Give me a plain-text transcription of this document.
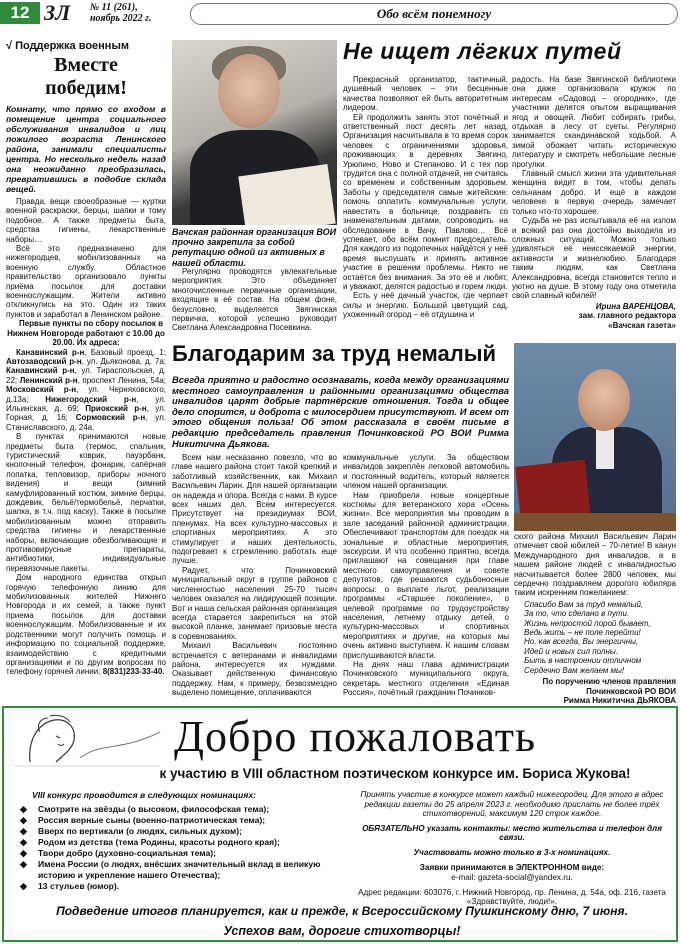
12 ЗЛ № 11 (261),
ноябрь 2022 г.	Обо всём понемногу
√ Поддержка военным
Вместе
победим!

Комнату, что прямо со входом в помещение центра социального обслуживания инвалидов и лиц пожилого возраста Ленинского района, занимали специалисты центра. Но несколько недель назад она неожиданно преобразилась, превратившись в подобие склада вещей.

Правда, вещи своеобразные — куртки военной раскраски, берцы, шапки и тому подобное. А также предметы быта, средства гигиены, лекарственные наборы…

Всё это предназначено для нижегородцев, мобилизованных на военную службу. Областное правительство организовало пункты приёма посылок для доставки военнослужащим. Жители активно откликнулись на это. Один из таких пунктов и заработал в Ленинском районе.

Первые пункты по сбору посылок в Нижнем Новгороде работают с 10.00 до 20.00. Их адреса:

Канавинский р-н, Базовый проезд, 1; Автозаводский р-н, ул. Дьяконова, д. 7а; Канавинский р-н, ул. Тираспольская, д. 22; Ленинский р-н, проспект Ленина, 54а; Московский р-н, ул. Черняховского, д.13а; Нижегородский р-н, ул. Ильинская, д. 69; Приокский р-н, ул. Горная, д. 16; Сормовский р-н, ул. Станиславского, д. 24а.

В пунктах принимаются новые предметы быта (термос, спальник, туристический коврик, пауэрбанк, кнопочный телефон, фонарик, сапёрная лопатка, тепловизор, приборы ночного видения) и вещи (зимний камуфлированный костюм, зимние берцы, дождевик, бельё/термобельё, перчатки, шапка, в т.ч. под каску). Также в посылке мобилизованным можно отправить средства гигиены и лекарственные наборы, включающие обезболивающие и противовирусные препараты, антибиотики, индивидуальные перевязочные пакеты.

Дом народного единства открыл горячую телефонную линию для мобилизованных жителей Нижнего Новгорода и их семей, а также пункт приема посылок для доставки военнослужащим. Мобилизованные и их родственники могут получить помощь и информацию по социальной поддержке, взаимодействию с кредитными организациями и по другим вопросам по телефону горячей линии: 8(831)233-33-40.

Вачская районная организация ВОИ прочно закрепила за собой репутацию одной из активных в нашей области.

Регулярно проводятся увлекательные мероприятия. Это объединяет многочисленные первичные организации, входящие в её состав. На общем фоне, безусловно, выделяется Звягинская первичка, которой успешно руководит Светлана Александровна Посевкина.

Не ищет лёгких путей

Прекрасный организатор, тактичный, душевный человек – эти бесценные качества позволяют ей быть авторитетным лидером.

Ей продолжить занять этот почётный и ответственный пост десять лет назад. Организация насчитывала в то время сорок человек с ограничениями здоровья, проживающих в деревнях Звягино, Урюпино, Ново и Степаново. И с тех пор трудится она с полной отдачей, не считаясь со временем и собственным здоровьем. Заботы у председателя самые житейские: помочь оплатить коммунальные услуги, навестить в больнице, поздравить со знаменательным датами, сопроводить на обследование в Вачу, Павлово… Всё успевает, обо всём помнит председатель. Для каждого из подопечных найдётся у неё время выслушать и принять активное участие в решении проблемы. Никто не остаётся без внимания. За это её и любят, и уважают, делятся радостью и горем люди.

Есть у неё дачный участок, где черпает силы и энергию. Большой цветущий сад, ухоженный огород – её отдушина и

радость. На базе Звягинской библиотеки она даже организовала кружок по интересам «Садовод – огородник», где участники делятся опытом выращивания ягод и овощей. Любит собирать грибы, отдыхая в лесу от суеты. Регулярно занимается скандинавской ходьбой. А зимой обожает читать историческую литературу и смотреть небольшие лесные прогулки.

Главный смысл жизни эта удивительная женщина видит в том, чтобы делать сельчанам добро. И ещё в каждом человеке в первую очередь замечает только что-то хорошее.

Судьба не раз испытывала её на излом и всякий раз она достойно выходила из сложных ситуаций. Можно только удивляться её неиссякаемой энергии, активности и жизнелюбию. Благодаря таким людям, как Светлана Александровна, всегда становится тепло и уютно на душе. В этому году она отметила свой славный юбилей!

Ирина ВАРЕНЦОВА,
зам. главного редактора
«Вачская газета»
Благодарим за труд немалый

Всегда приятно и радостно осознавать, когда между организациями местного самоуправления и районными организациями общества инвалидов царят добрые партнёрские отношения. Тогда и общее дело спорится, и доброта с милосердием присутствуют. И всем от этого общения польза! Об этом рассказала в своём письме в редакцию председатель правления Починковской РО ВОИ Римма Никитична Дьякова.

Всем нам несказанно повезло, что во главе нашего района стоит такой крепкий и заботливый хозяйственник, как Михаил Васильевич Ларин. Для нашей организации он надежда и опора. Всегда с нами. В курсе всех наших дел. Всем интересуется. Присутствует на президиумах ВОИ, пленумах. На всех культурно-массовых и спортивных мероприятиях. А это стимулирует и наших деятельность, подогревает к стремлению работать еще лучше.

Радует, что Починковский муниципальный округ в группе районов с численностью населения 25-70 тысяч человек оказался на лидирующей позиции. Вот и наша сельская районная организация всегда старается закрепиться на этой высокой планке, занимает призовые места в соревнованиях.

Михаил Васильевич постоянно встречается с ветеранами и инвалидами района, интересуется их нуждами. Оказывает действенную финансовую поддержку. Нам, к примеру, безвозмездно выделено помещение, оплачиваются

коммунальные услуги. За обществом инвалидов закреплён легковой автомобиль и постоянный водитель, который является членом нашей организации.

Нам приобрели новые концертные костюмы для ветеранского хора «Осень жизни». Все мероприятия мы проводим в зале заседаний районной администрации. Обеспечивают транспортом для поездок на зональные и областные мероприятия, экскурсии. И что особенно приятно, всегда приглашают на совещания при главе местного самоуправления и совете депутатов, где решаются судьбоносные вопросы: о выплате льгот, реализации программы «Старшее поколение», о целевой программе по трудоустройству населения, летнему отдыху детей, о культурно-массовых и спортивных мероприятиях и другие, на которых мы очень активно выступаем. К нашим словам прислушиваются власти.

На днях наш глава администрации Починковского муниципального округа, секретарь местного отделения «Единая Россия», почётный гражданин Починков-

ского района Михаил Васильевич Ларин отмечает свой юбилей – 70-летие! В канун Международного дня инвалидов, а в нашем районе людей с инвалидностью насчитывается более 2800 человек, мы сердечно поздравляем дорогого юбиляра таким искренним пожеланием:

Спасибо Вам за труд немалый,
За то, что сделано в пути.
Жизнь непростой порой бывает,
Ведь жить – не поле перейти!
Но, как всегда, Вы энергичны,
Идей и новых сил полны.
Быть в настроении отличном
Сердечно Вам желаем мы!
По поручению членов правления
Починковской РО ВОИ
Римма Никитична ДЬЯКОВА
Добро пожаловать
к участию в VIII областном поэтическом конкурсе им. Бориса Жукова!

VIII конкурс проводится в следующих номинациях:

◆ Смотрите на звёзды (о высоком, философская тема);
◆ Россия верные сыны (военно-патриотическая тема);
◆ Вверх по вертикали (о людях, сильных духом);
◆ Родом из детства (тема Родины, красоты родного края);
◆ Твори добро (духовно-социальная тема);
◆ Имена России (о людях, внёсших значительный вклад в великую историю и укрепление нашего Отечества);
◆ 13 стульев (юмор).

Принять участие в конкурсе может каждый нижегородец. Для этого в адрес редакции газеты до 25 апреля 2023 г. необходимо прислать не более трёх стихотворений, максимум 120 строк каждое.

ОБЯЗАТЕЛЬНО указать контакты: место жительства и телефон для связи.

Участвовать можно только в 3-х номинациях.

Заявки принимаются в ЭЛЕКТРОННОМ виде:

e-mail: gazeta-social@yandex.ru.

Адрес редакции: 603076, г. Нижний Новгород, пр. Ленина, д. 54а, оф. 216, газета «Здравствуйте, люди!».

Подведение итогов планируется, как и прежде, к Всероссийскому Пушкинскому дню, 7 июня.
Успехов вам, дорогие стихотворцы!
